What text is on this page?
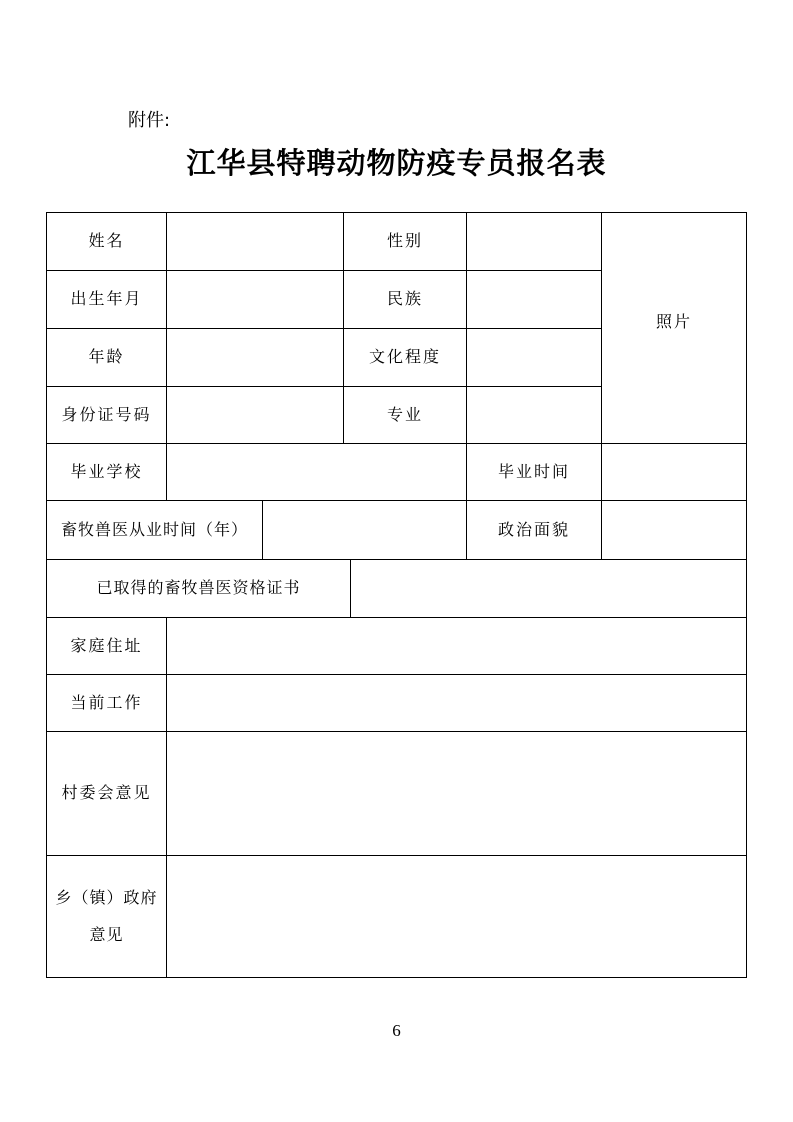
附件:
江华县特聘动物防疫专员报名表
姓名	性别
照片
出生年月	民族
年龄	文化程度
身份证号码	专业
毕业学校	毕业时间
畜牧兽医从业时间（年）	政治面貌
已取得的畜牧兽医资格证书
家庭住址
当前工作
村委会意见
乡（镇）政府
意见
6
